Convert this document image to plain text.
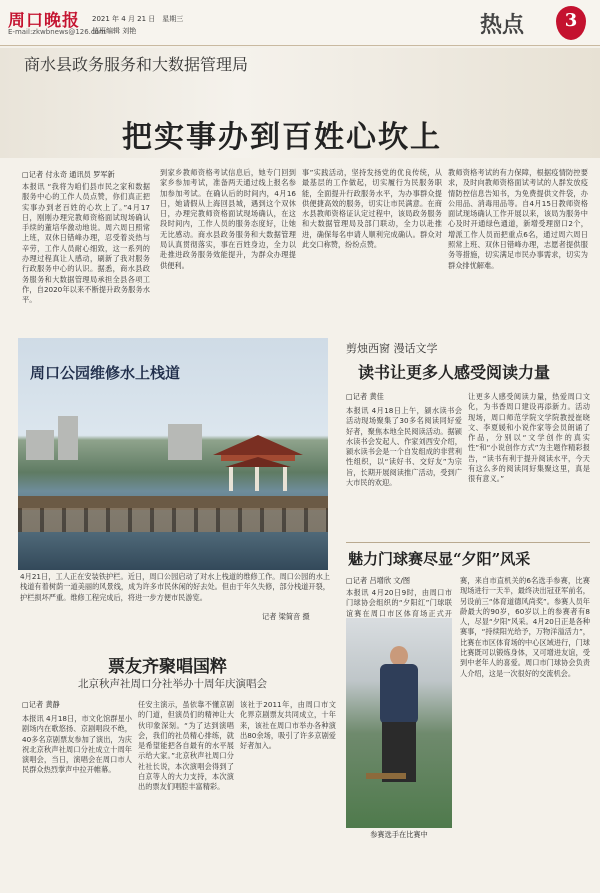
周口晚报
E-mail:zkwbnews@126.com
2021 年 4 月 21 日　星期三
值班编辑 刘艳	热点	3
商水县政务服务和大数据管理局
把实事办到百姓心坎上
□记者 付永奇 通讯员 罗军新
本报讯 “我将为咱们县市民之家和数据服务中心的工作人员点赞，你们真正把实事办到老百姓的心坎上了。”4月17日，刚刚办理完教师资格面试现场确认手续的董培华激动地说。周六周日照常上班，双休日错峰办理，忍受着炎热与辛劳，工作人员耐心细致，这一系列的办理过程真让人感动，刷新了我对服务行政服务中心的认识。据悉，商水县政务服务和大数据管理局承担全县各项工作，自2020年以来不断提升政务服务水平。
到家乡教师资格考试信息后，她专门回到家乡参加考试，准备两天通过线上报名参加参加考试。在确认后的时间内，4月16日，她请假从上海回县城，遇到这个双休日，办理完教师资格面试现场确认，在这段时间内，工作人员的服务态度好，让她无比感动。商水县政务服务和大数据管理局认真贯彻落实，事在百姓身边，全力以赴推进政务服务效能提升，为群众办理提供便利。
事”实践活动，坚持发扬党的优良传统，从最基层的工作做起，切实履行为民服务职能，全面提升行政服务水平，为办事群众提供便捷高效的服务，切实让市民满意。在商水县教师资格证认定过程中，该局政务服务和大数据管理局及部门联动，全力以赴推进，确保每名申请人顺利完成确认。群众对此交口称赞，纷纷点赞。
教师资格考试的有力保障，根据疫情防控要求，及时向教师资格面试考试的人群发放疫情防控信息告知书，为免费提供文件袋，办公用品、消毒用品等。自4月15日教师资格面试现场确认工作开展以来，该局为服务中心及时开通绿色通道，新增受理窗口2个，增派工作人员而把重点6名，通过周六周日照常上班、双休日错峰办理，志愿者提供服务等措施，切实满足市民办事需求，切实为群众排忧解难。
周口公园维修水上栈道
4月21日，工人正在安装铁护栏。近日，周口公园启动了对水上栈道的维修工作。周口公园的水上栈道有着树荫一道美丽的风景线，成为许多市民休闲的好去处。但由于年久失修，部分栈道开裂，护栏损坏严重。维修工程完成后，将进一步方便市民游览。
记者 梁简音 摄
剪烛西窗 漫话文学
读书让更多人感受阅读力量
□记者 黄佳
本报讯 4月18日上午，颍水读书会活动现场聚集了30多名阅读同好爱好者，聚焦本地全民阅读活动。据颍水读书会发起人、作家刘西安介绍，颍水读书会是一个自发组成的非营利性组织，以“读好书、交好友”为宗旨，长期开展阅读推广活动，受到广大市民的欢迎。
让更多人感受阅读力量，热爱周口文化，为书香周口建设再添新力。活动现场，周口师范学院文学院教授崔晓文、李夏媛和小说作家等会员朗诵了作品，分别以“文学创作的真实性”和“小说创作方式”为主题作精彩报告，“读书有利于提升阅读水平，今天有这么多的阅读同好集聚这里，真是很有意义。”
魅力门球赛尽显“夕阳”风采
□记者 吕增欣 文/图
本报讯 4月20日9时，由周口市门球协会组织的“夕阳红”门球联谊赛在周口市区体育场正式开
赛，来自市直机关的6名选手参赛，比赛现场进行一天半，最终决出冠亚军前名，另设前三“体育道德风尚奖”。参赛人员年龄最大的90岁，60岁以上的参赛者有8人，尽显“夕阳”风采。4月20日正是各种赛事，“持续阳光给予，万物洋溢活力”，比赛在市区体育场的中心区域进行，门球比赛既可以锻炼身体，又可增进友谊，受到中老年人的喜爱。周口市门球协会负责人介绍，这是一次很好的交流机会。
参赛选手在比赛中
票友齐聚唱国粹
北京秋声社周口分社举办十周年庆演唱会
□记者 黄静
本报讯 4月18日，市文化馆群星小剧场内在歌悠扬、京剧唱段不绝，40多名京剧票友参加了演出，为庆祝北京秋声社周口分社成立十周年演唱会，当日，演唱会在周口市人民群众热烈掌声中拉开帷幕。
任安主演示，虽依靠不懂京剧的门道，但演员们的精神让大伙印象深刻。“为了达到演唱会，我们的社员精心排练，就是希望能把各自最有的水平展示给大家。”北京秋声社周口分社社长说，本次演唱会得到了白京等人的大力支持，本次演出的票友们唱腔丰富精彩。
该社于2011年，由周口市文化界京剧票友共同成立，十年来，该社在周口市举办各种演出80余场，吸引了许多京剧爱好者加入。
